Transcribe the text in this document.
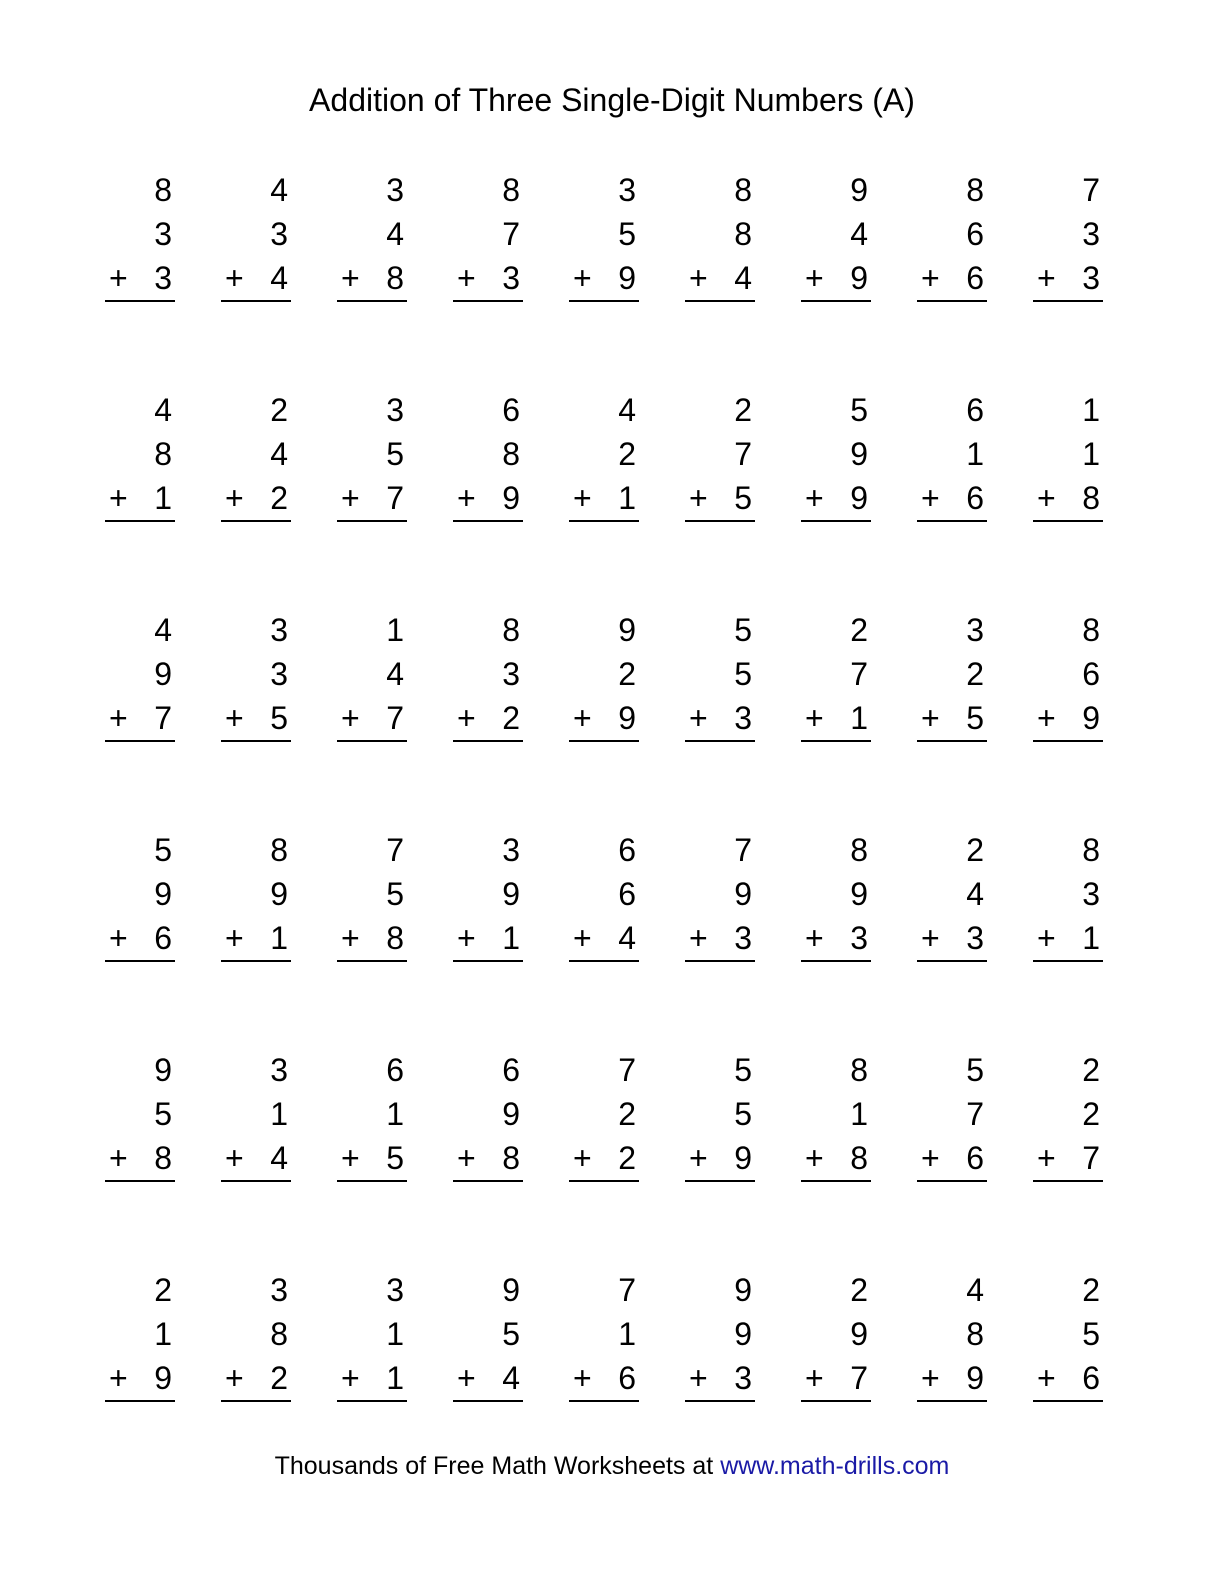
Addition of Three Single-Digit Numbers (A)
8
3
+ 3
4
3
+ 4
3
4
+ 8
8
7
+ 3
3
5
+ 9
8
8
+ 4
9
4
+ 9
8
6
+ 6
7
3
+ 3
4
8
+ 1
2
4
+ 2
3
5
+ 7
6
8
+ 9
4
2
+ 1
2
7
+ 5
5
9
+ 9
6
1
+ 6
1
1
+ 8
4
9
+ 7
3
3
+ 5
1
4
+ 7
8
3
+ 2
9
2
+ 9
5
5
+ 3
2
7
+ 1
3
2
+ 5
8
6
+ 9
5
9
+ 6
8
9
+ 1
7
5
+ 8
3
9
+ 1
6
6
+ 4
7
9
+ 3
8
9
+ 3
2
4
+ 3
8
3
+ 1
9
5
+ 8
3
1
+ 4
6
1
+ 5
6
9
+ 8
7
2
+ 2
5
5
+ 9
8
1
+ 8
5
7
+ 6
2
2
+ 7
2
1
+ 9
3
8
+ 2
3
1
+ 1
9
5
+ 4
7
1
+ 6
9
9
+ 3
2
9
+ 7
4
8
+ 9
2
5
+ 6
Thousands of Free Math Worksheets at www.math-drills.com
